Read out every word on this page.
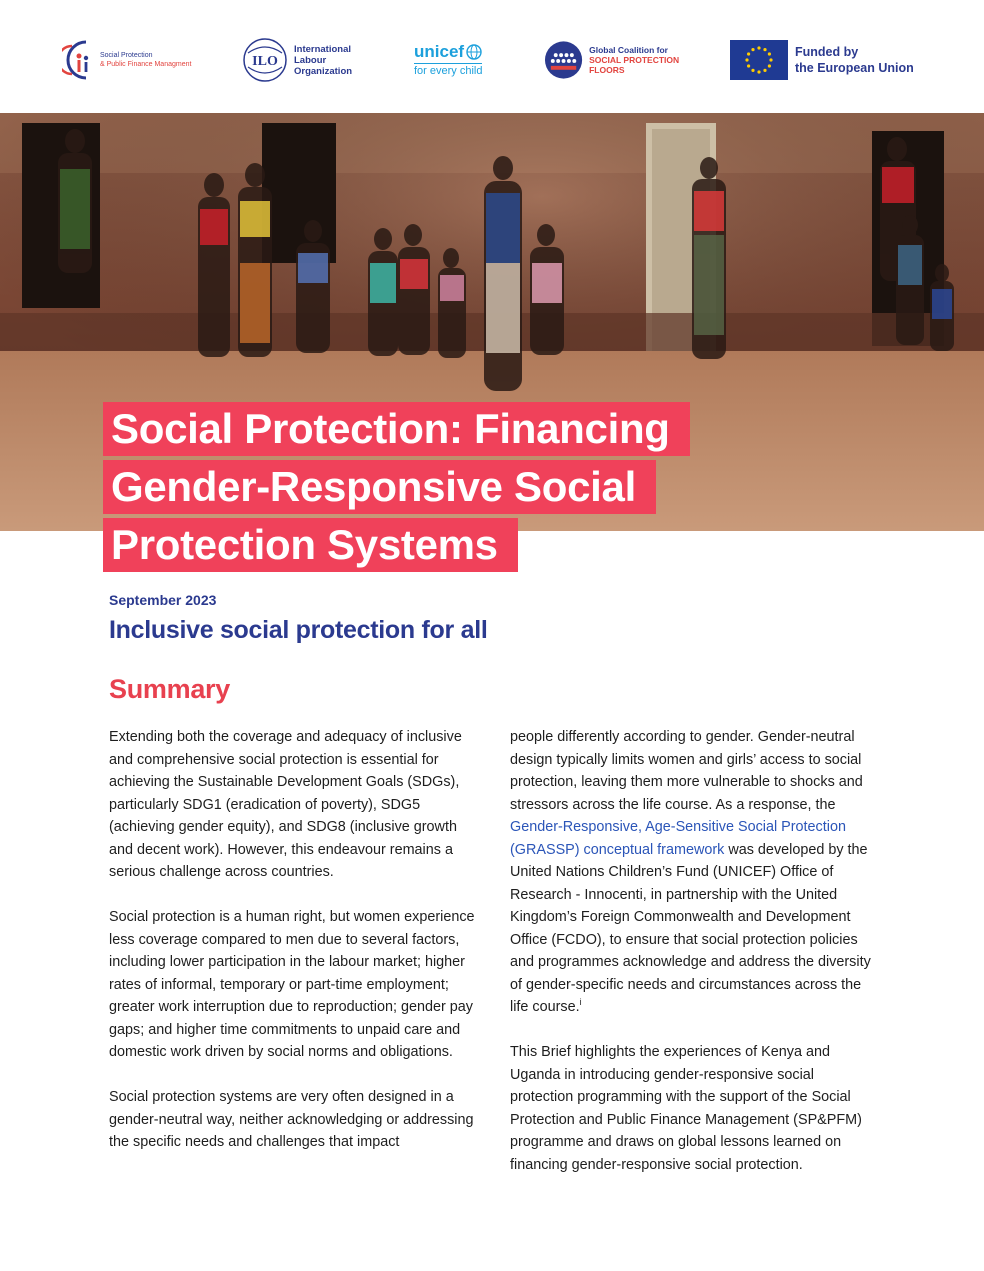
Social Protection
& Public Finance Managment	ILO
International
Labour
Organization
unicef
for every child
Global Coalition for
SOCIAL PROTECTION FLOORS
Funded by
the European Union
Social Protection: Financing
Gender-Responsive Social
Protection Systems
September 2023
Inclusive social protection for all
Summary

Extending both the coverage and adequacy of inclusive and comprehensive social protection is essential for achieving the Sustainable Development Goals (SDGs), particularly SDG1 (eradication of poverty), SDG5 (achieving gender equity), and SDG8 (inclusive growth and decent work). However, this endeavour remains a serious challenge across countries.

Social protection is a human right, but women experience less coverage compared to men due to several factors, including lower participation in the labour market; higher rates of informal, temporary or part-time employment; greater work interruption due to reproduction; gender pay gaps; and higher time commitments to unpaid care and domestic work driven by social norms and obligations.

Social protection systems are very often designed in a gender-neutral way, neither acknowledging or addressing the specific needs and challenges that impact

people differently according to gender. Gender-neutral design typically limits women and girls’ access to social protection, leaving them more vulnerable to shocks and stressors across the life course. As a response, the Gender-Responsive, Age-Sensitive Social Protection (GRASSP) conceptual framework was developed by the United Nations Children’s Fund (UNICEF) Office of Research - Innocenti, in partnership with the United Kingdom’s Foreign Commonwealth and Development Office (FCDO), to ensure that social protection policies and programmes acknowledge and address the diversity of gender-specific needs and circumstances across the life course.$^i$

This Brief highlights the experiences of Kenya and Uganda in introducing gender-responsive social protection programming with the support of the Social Protection and Public Finance Management (SP&PFM) programme and draws on global lessons learned on financing gender-responsive social protection.
